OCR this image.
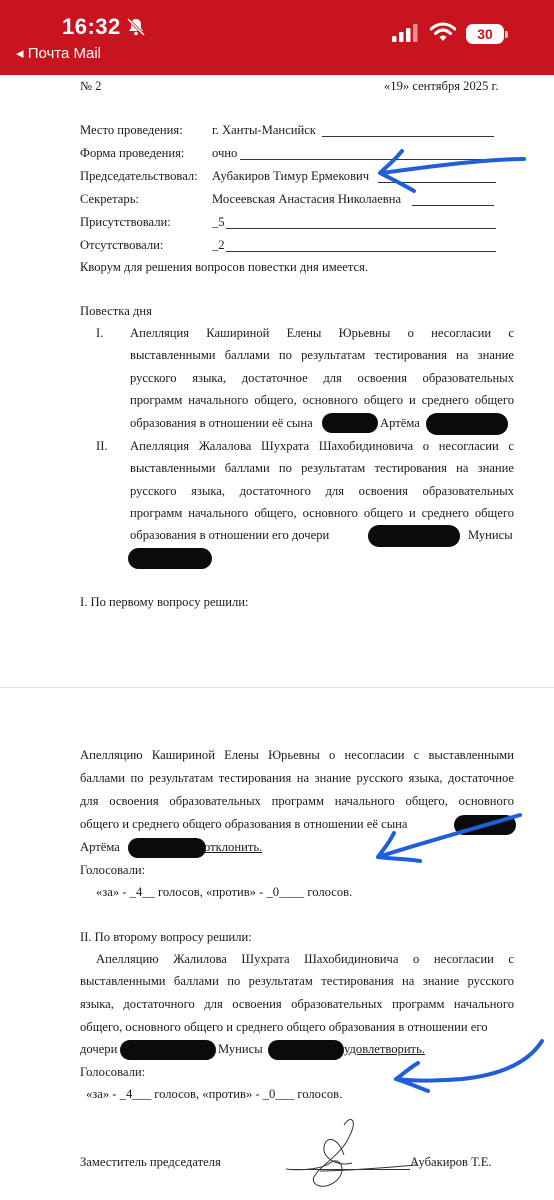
16:32
◂ Почта Mail
30
№ 2	«19» сентября 2025 г.
Место проведения: г. Ханты-Мансийск
Форма проведения: очно
Председательствовал: Аубакиров Тимур Ермекович
Секретарь:	Мосеевская Анастасия Николаевна
Присутствовали:	_5
Отсутствовали:	_2
Кворум для решения вопросов повестки дня имеется.
Повестка дня
I. Апелляция Кашириной Елены Юрьевны о несогласии с
выставленными баллами по результатам тестирования на знание
русского языка, достаточное для освоения образовательных
программ начального общего, основного общего и среднего общего
образования в отношении её сына	Артёма
II. Апелляция Жалалова Шухрата Шахобидиновича о несогласии с
выставленными баллами по результатам тестирования на знание
русского языка, достаточного для освоения образовательных
программ начального общего, основного общего и среднего общего
образования в отношении его дочери	Мунисы
I. По первому вопросу решили:
Апелляцию Кашириной Елены Юрьевны о несогласии с выставленными
баллами по результатам тестирования на знание русского языка, достаточное
для освоения образовательных программ начального общего, основного
общего и среднего общего образования в отношении её сына
Артёма	отклонить.
Голосовали:
«за» - _4__ голосов, «против» - _0____ голосов.
II. По второму вопросу решили:
Апелляцию Жалилова Шухрата Шахобидиновича о несогласии с
выставленными баллами по результатам тестирования на знание русского
языка, достаточного для освоения образовательных программ начального
общего, основного общего и среднего общего образования в отношении его
дочери	Мунисы	удовлетворить.
Голосовали:
«за» - _4___ голосов, «против» - _0___ голосов.
Заместитель председателя	Аубакиров Т.Е.
